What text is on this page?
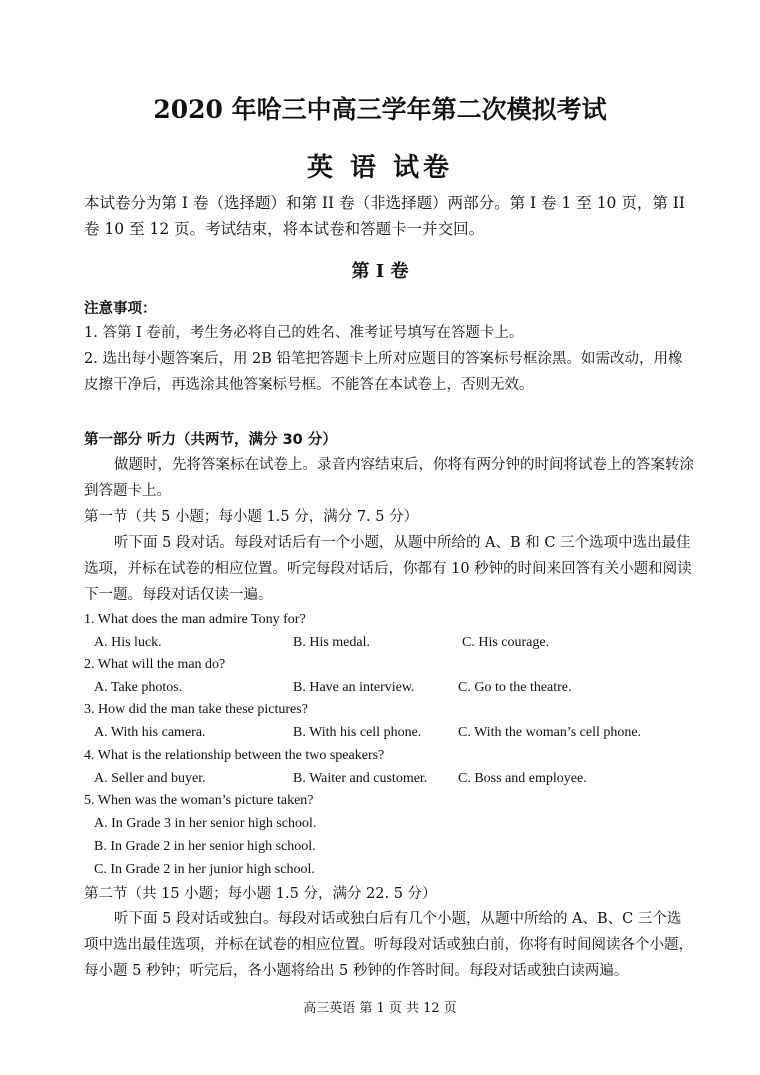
2020 年哈三中高三学年第二次模拟考试
英 语 试卷
本试卷分为第 I 卷（选择题）和第 II 卷（非选择题）两部分。第 I 卷 1 至 10 页，第 II 卷 10 至 12 页。考试结束，将本试卷和答题卡一并交回。
第 I 卷
注意事项：
1. 答第 I 卷前，考生务必将自己的姓名、准考证号填写在答题卡上。
2. 选出每小题答案后，用 2B 铅笔把答题卡上所对应题目的答案标号框涂黑。如需改动，用橡皮擦干净后，再选涂其他答案标号框。不能答在本试卷上，否则无效。
第一部分 听力（共两节，满分 30 分）
做题时，先将答案标在试卷上。录音内容结束后，你将有两分钟的时间将试卷上的答案转涂到答题卡上。
第一节（共 5 小题；每小题 1.5 分，满分 7. 5 分）
听下面 5 段对话。每段对话后有一个小题，从题中所给的 A、B 和 C 三个选项中选出最佳选项，并标在试卷的相应位置。听完每段对话后，你都有 10 秒钟的时间来回答有关小题和阅读下一题。每段对话仅读一遍。
1. What does the man admire Tony for?
A. His luck.	B. His medal.	C. His courage.
2. What will the man do?
A. Take photos.	B. Have an interview.	C. Go to the theatre.
3. How did the man take these pictures?
A. With his camera.	B. With his cell phone.	C. With the woman’s cell phone.
4. What is the relationship between the two speakers?
A. Seller and buyer.	B. Waiter and customer. C. Boss and employee.
5. When was the woman’s picture taken?
A. In Grade 3 in her senior high school.
B. In Grade 2 in her senior high school.
C. In Grade 2 in her junior high school.
第二节（共 15 小题；每小题 1.5 分，满分 22. 5 分）
听下面 5 段对话或独白。每段对话或独白后有几个小题，从题中所给的 A、B、C 三个选项中选出最佳选项，并标在试卷的相应位置。听每段对话或独白前，你将有时间阅读各个小题，每小题 5 秒钟；听完后，各小题将给出 5 秒钟的作答时间。每段对话或独白读两遍。
高三英语 第 1 页 共 12 页
